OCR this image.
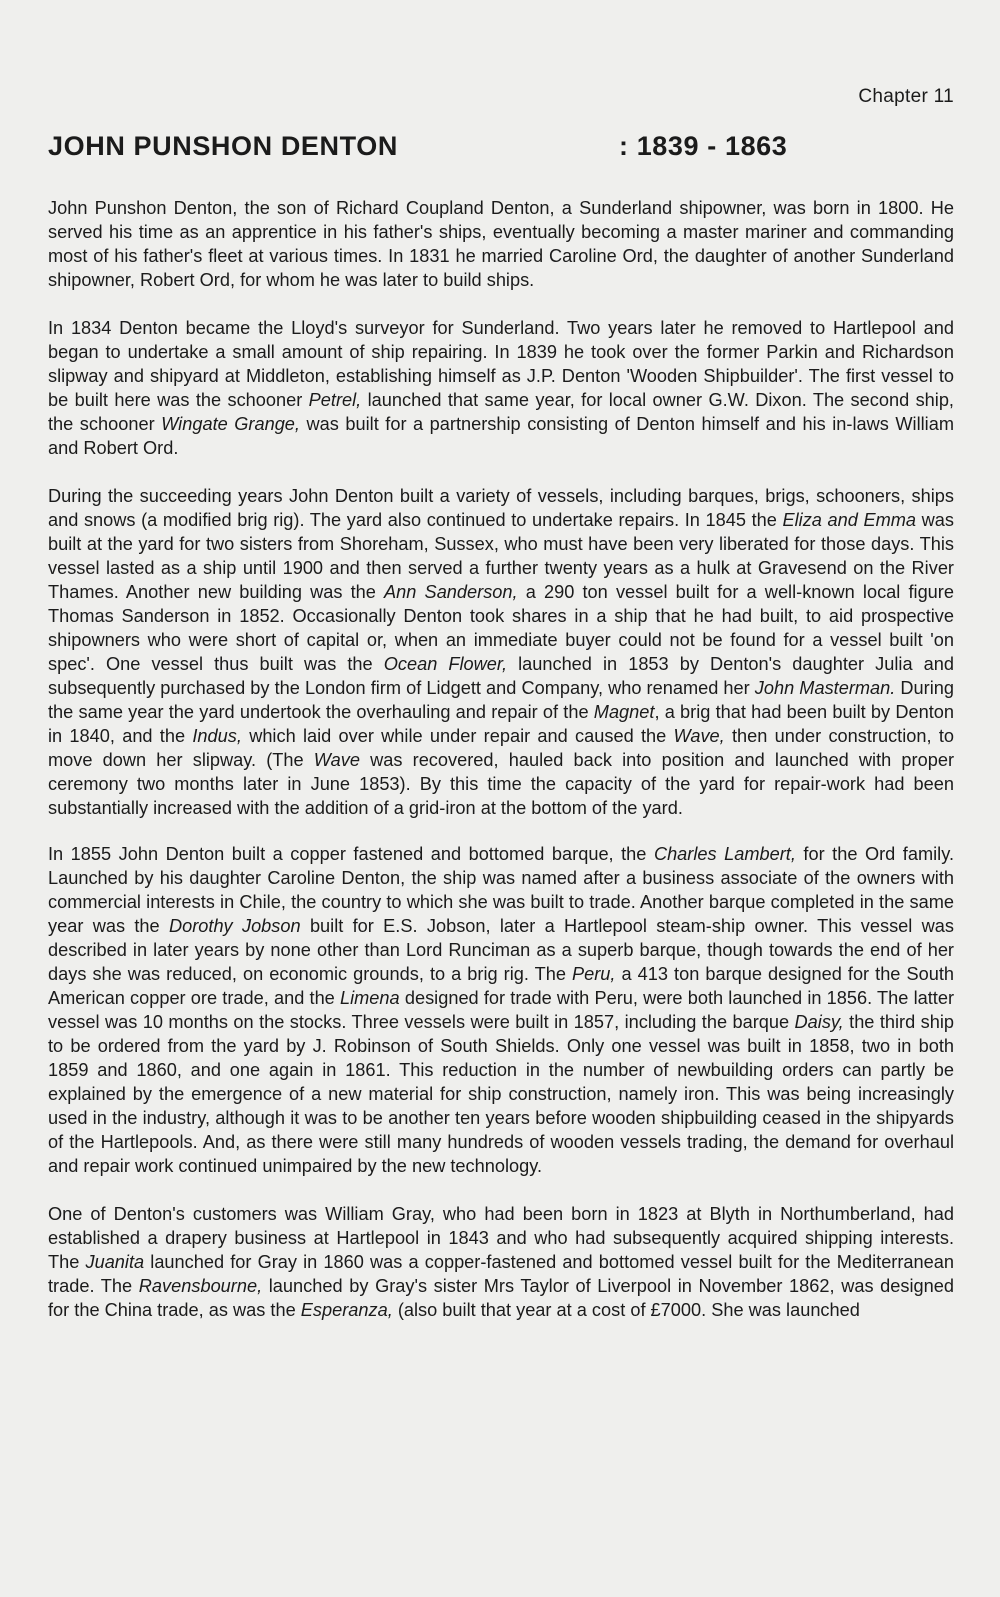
Chapter 11
JOHN PUNSHON DENTON	: 1839 - 1863

John Punshon Denton, the son of Richard Coupland Denton, a Sunderland shipowner, was born in 1800. He served his time as an apprentice in his father's ships, eventually becoming a master mariner and commanding most of his father's fleet at various times. In 1831 he married Caroline Ord, the daughter of another Sunderland shipowner, Robert Ord, for whom he was later to build ships.

In 1834 Denton became the Lloyd's surveyor for Sunderland. Two years later he removed to Hartlepool and began to undertake a small amount of ship repairing. In 1839 he took over the former Parkin and Richardson slipway and shipyard at Middleton, establishing himself as J.P. Denton 'Wooden Shipbuilder'. The first vessel to be built here was the schooner Petrel, launched that same year, for local owner G.W. Dixon. The second ship, the schooner Wingate Grange, was built for a partnership consisting of Denton himself and his in-laws William and Robert Ord.

During the succeeding years John Denton built a variety of vessels, including barques, brigs, schooners, ships and snows (a modified brig rig). The yard also continued to undertake repairs. In 1845 the Eliza and Emma was built at the yard for two sisters from Shoreham, Sussex, who must have been very liberated for those days. This vessel lasted as a ship until 1900 and then served a further twenty years as a hulk at Gravesend on the River Thames. Another new building was the Ann Sanderson, a 290 ton vessel built for a well-known local figure Thomas Sanderson in 1852. Occasionally Denton took shares in a ship that he had built, to aid prospective shipowners who were short of capital or, when an immediate buyer could not be found for a vessel built 'on spec'. One vessel thus built was the Ocean Flower, launched in 1853 by Denton's daughter Julia and subsequently purchased by the London firm of Lidgett and Company, who renamed her John Masterman. During the same year the yard undertook the overhauling and repair of the Magnet, a brig that had been built by Denton in 1840, and the Indus, which laid over while under repair and caused the Wave, then under construction, to move down her slipway. (The Wave was recovered, hauled back into position and launched with proper ceremony two months later in June 1853). By this time the capacity of the yard for repair-work had been substantially increased with the addition of a grid-iron at the bottom of the yard.

In 1855 John Denton built a copper fastened and bottomed barque, the Charles Lambert, for the Ord family. Launched by his daughter Caroline Denton, the ship was named after a business associate of the owners with commercial interests in Chile, the country to which she was built to trade. Another barque completed in the same year was the Dorothy Jobson built for E.S. Jobson, later a Hartlepool steam-ship owner. This vessel was described in later years by none other than Lord Runciman as a superb barque, though towards the end of her days she was reduced, on economic grounds, to a brig rig. The Peru, a 413 ton barque designed for the South American copper ore trade, and the Limena designed for trade with Peru, were both launched in 1856. The latter vessel was 10 months on the stocks. Three vessels were built in 1857, including the barque Daisy, the third ship to be ordered from the yard by J. Robinson of South Shields. Only one vessel was built in 1858, two in both 1859 and 1860, and one again in 1861. This reduction in the number of newbuilding orders can partly be explained by the emergence of a new material for ship construction, namely iron. This was being increasingly used in the industry, although it was to be another ten years before wooden shipbuilding ceased in the shipyards of the Hartlepools. And, as there were still many hundreds of wooden vessels trading, the demand for overhaul and repair work continued unimpaired by the new technology.

One of Denton's customers was William Gray, who had been born in 1823 at Blyth in Northumberland, had established a drapery business at Hartlepool in 1843 and who had subsequently acquired shipping interests. The Juanita launched for Gray in 1860 was a copper-fastened and bottomed vessel built for the Mediterranean trade. The Ravensbourne, launched by Gray's sister Mrs Taylor of Liverpool in November 1862, was designed for the China trade, as was the Esperanza, (also built that year at a cost of £7000. She was launched
